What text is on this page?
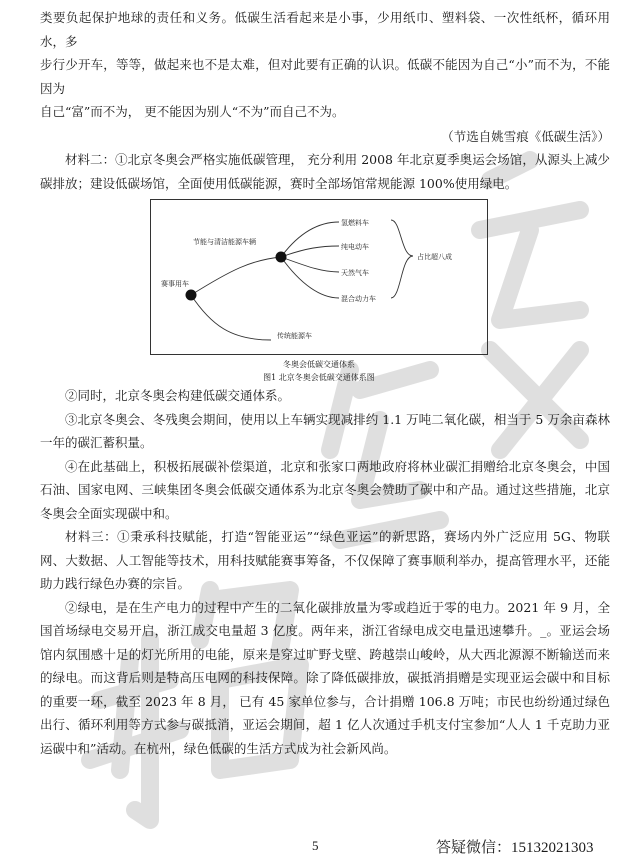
类要负起保护地球的责任和义务。低碳生活看起来是小事，少用纸巾、塑料袋、一次性纸杯，循环用水，多

步行少开车，等等，做起来也不是太难，但对此要有正确的认识。低碳不能因为自己“小”而不为，不能因为

自己“富”而不为， 更不能因为别人“不为”而自己不为。

（节选自姚雪痕《低碳生活》）

材料二：①北京冬奥会严格实施低碳管理， 充分利用 2008 年北京夏季奥运会场馆，从源头上减少碳排放；建设低碳场馆，全面使用低碳能源，赛时全部场馆常规能源 100%使用绿电。

赛事用车
节能与清洁能源车辆
传统能源车
氢燃料车
纯电动车
天然气车
混合动力车
占比超八成
冬奥会低碳交通体系
图1 北京冬奥会低碳交通体系图

②同时，北京冬奥会构建低碳交通体系。

③北京冬奥会、冬残奥会期间，使用以上车辆实现减排约 1.1 万吨二氧化碳，相当于 5 万余亩森林一年的碳汇蓄积量。

④在此基础上，积极拓展碳补偿渠道，北京和张家口两地政府将林业碳汇捐赠给北京冬奥会，中国石油、国家电网、三峡集团冬奥会低碳交通体系为北京冬奥会赞助了碳中和产品。通过这些措施，北京冬奥会全面实现碳中和。

材料三：①秉承科技赋能，打造“智能亚运”“绿色亚运”的新思路，赛场内外广泛应用 5G、物联网、大数据、人工智能等技术，用科技赋能赛事筹备，不仅保障了赛事顺利举办，提高管理水平，还能助力践行绿色办赛的宗旨。

②绿电，是在生产电力的过程中产生的二氧化碳排放量为零或趋近于零的电力。2021 年 9 月，全国首场绿电交易开启，浙江成交电量超 3 亿度。两年来，浙江省绿电成交电量迅速攀升。_。亚运会场馆内氛围感十足的灯光所用的电能，原来是穿过旷野戈壁、跨越崇山峻岭，从大西北源源不断输送而来的绿电。而这背后则是特高压电网的科技保障。除了降低碳排放，碳抵消捐赠是实现亚运会碳中和目标的重要一环，截至 2023 年 8 月， 已有 45 家单位参与，合计捐赠 106.8 万吨；市民也纷纷通过绿色出行、循环利用等方式参与碳抵消，亚运会期间，超 1 亿人次通过手机支付宝参加“人人 1 千克助力亚运碳中和”活动。在杭州，绿色低碳的生活方式成为社会新风尚。

5	答疑微信：15132021303
